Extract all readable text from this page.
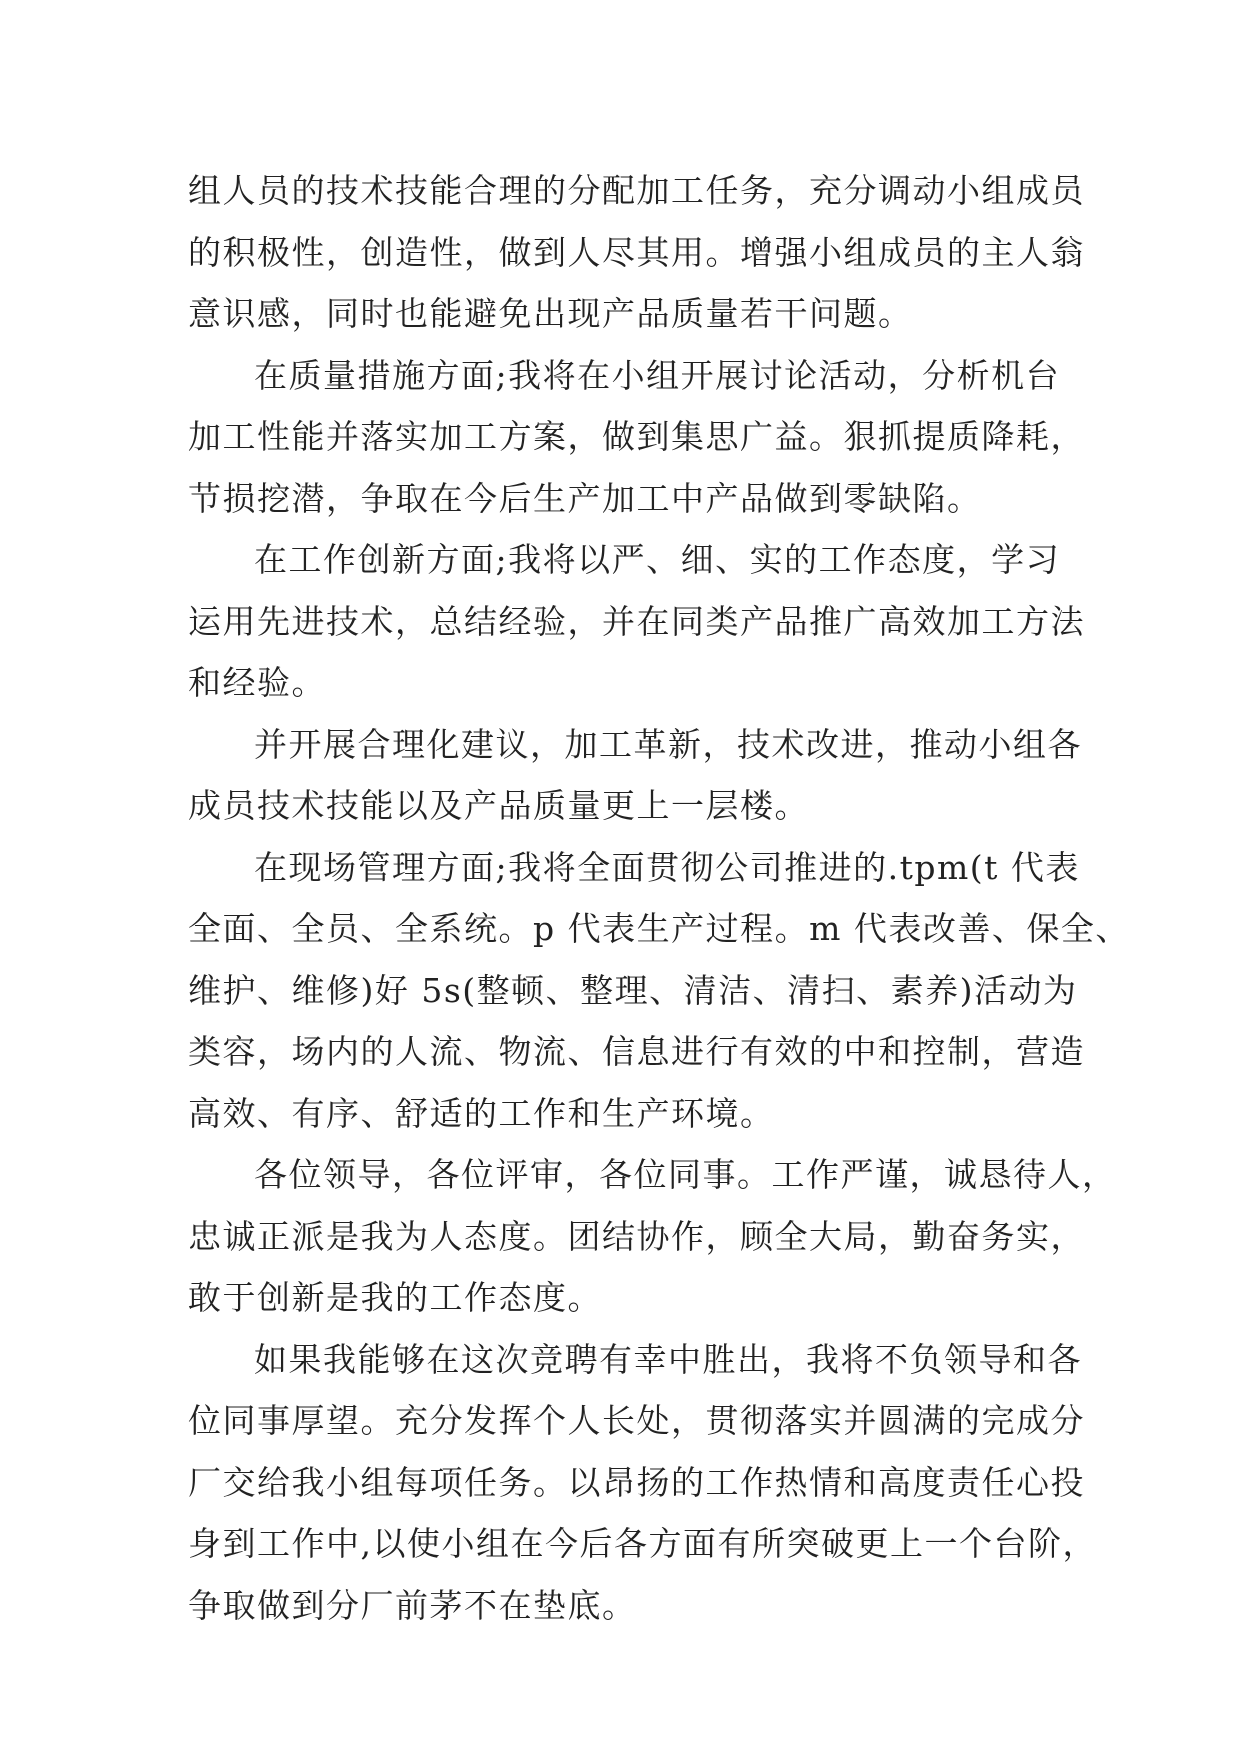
组人员的技术技能合理的分配加工任务，充分调动小组成员
的积极性，创造性，做到人尽其用。增强小组成员的主人翁
意识感，同时也能避免出现产品质量若干问题。
在质量措施方面;我将在小组开展讨论活动，分析机台
加工性能并落实加工方案，做到集思广益。狠抓提质降耗，
节损挖潜，争取在今后生产加工中产品做到零缺陷。
在工作创新方面;我将以严、细、实的工作态度，学习
运用先进技术，总结经验，并在同类产品推广高效加工方法
和经验。
并开展合理化建议，加工革新，技术改进，推动小组各
成员技术技能以及产品质量更上一层楼。
在现场管理方面;我将全面贯彻公司推进的.tpm(t 代表
全面、全员、全系统。p 代表生产过程。m 代表改善、保全、
维护、维修)好 5s(整顿、整理、清洁、清扫、素养)活动为
类容，场内的人流、物流、信息进行有效的中和控制，营造
高效、有序、舒适的工作和生产环境。
各位领导，各位评审，各位同事。工作严谨，诚恳待人，
忠诚正派是我为人态度。团结协作，顾全大局，勤奋务实，
敢于创新是我的工作态度。
如果我能够在这次竞聘有幸中胜出，我将不负领导和各
位同事厚望。充分发挥个人长处，贯彻落实并圆满的完成分
厂交给我小组每项任务。以昂扬的工作热情和高度责任心投
身到工作中,以使小组在今后各方面有所突破更上一个台阶，
争取做到分厂前茅不在垫底。
